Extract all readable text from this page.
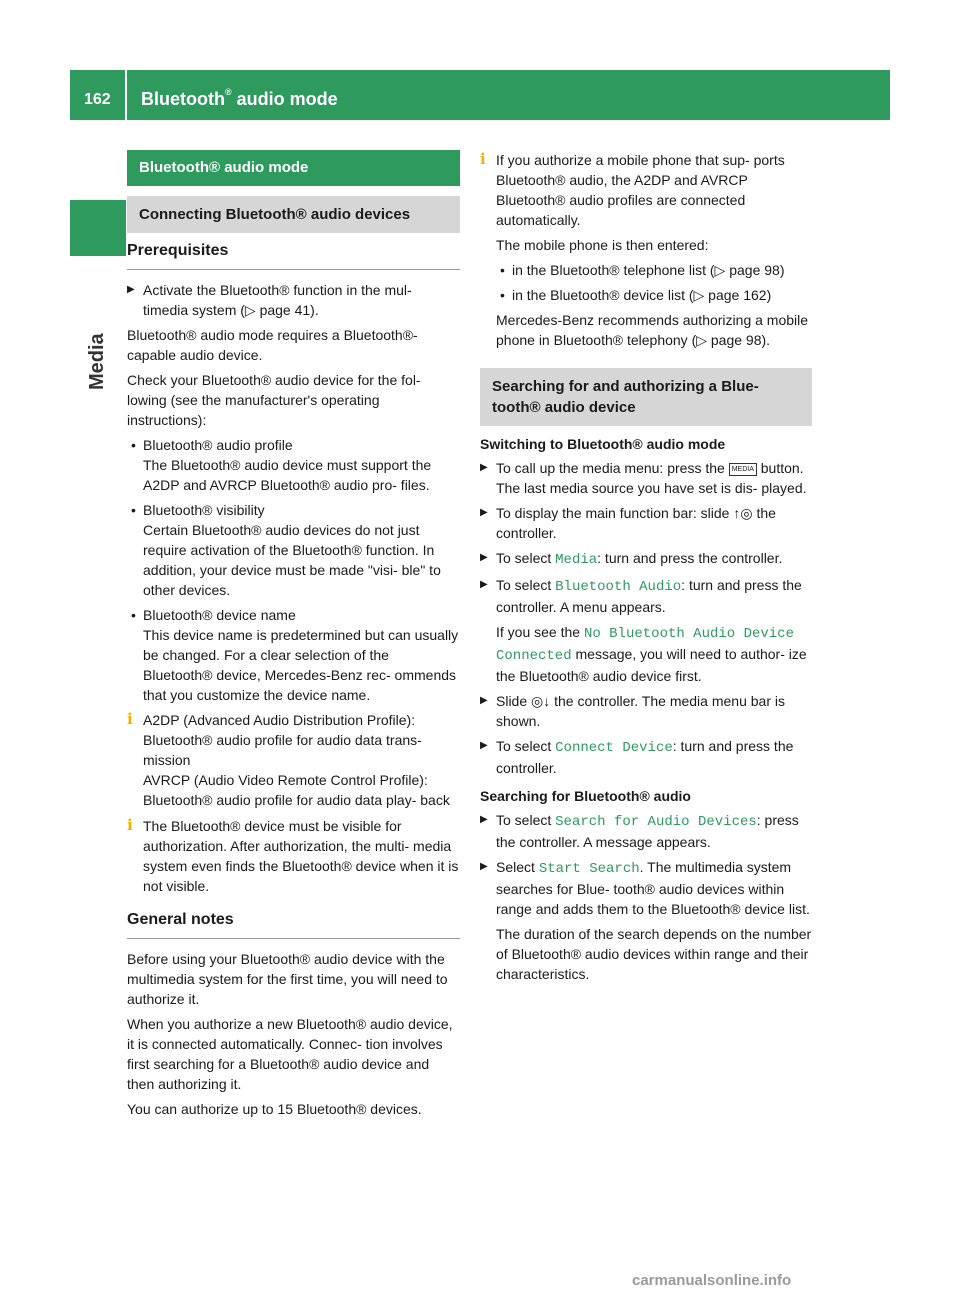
162 Bluetooth® audio mode
Media
Bluetooth® audio mode
Connecting Bluetooth® audio devices
Prerequisites
▶ Activate the Bluetooth® function in the mul- timedia system (▷ page 41).

Bluetooth® audio mode requires a Bluetooth®- capable audio device.

Check your Bluetooth® audio device for the fol- lowing (see the manufacturer's operating instructions):

• Bluetooth® audio profile
The Bluetooth® audio device must support the A2DP and AVRCP Bluetooth® audio pro- files.
• Bluetooth® visibility
Certain Bluetooth® audio devices do not just require activation of the Bluetooth® function. In addition, your device must be made "visi- ble" to other devices.
• Bluetooth® device name
This device name is predetermined but can usually be changed. For a clear selection of the Bluetooth® device, Mercedes-Benz rec- ommends that you customize the device name.
i A2DP (Advanced Audio Distribution Profile): Bluetooth® audio profile for audio data trans- mission
AVRCP (Audio Video Remote Control Profile): Bluetooth® audio profile for audio data play- back
i The Bluetooth® device must be visible for authorization. After authorization, the multi- media system even finds the Bluetooth® device when it is not visible.
General notes

Before using your Bluetooth® audio device with the multimedia system for the first time, you will need to authorize it.

When you authorize a new Bluetooth® audio device, it is connected automatically. Connec- tion involves first searching for a Bluetooth® audio device and then authorizing it.

You can authorize up to 15 Bluetooth® devices.

i If you authorize a mobile phone that sup- ports Bluetooth® audio, the A2DP and AVRCP Bluetooth® audio profiles are connected automatically.

The mobile phone is then entered:

• in the Bluetooth® telephone list (▷ page 98)
• in the Bluetooth® device list (▷ page 162)

Mercedes-Benz recommends authorizing a mobile phone in Bluetooth® telephony (▷ page 98).

Searching for and authorizing a Blue- tooth® audio device
Switching to Bluetooth® audio mode
▶ To call up the media menu: press the MEDIA button. The last media source you have set is dis- played.
▶ To display the main function bar: slide ↑◎ the controller.
▶ To select Media: turn and press the controller.
▶ To select Bluetooth Audio: turn and press the controller. A menu appears.

If you see the No Bluetooth Audio Device Connected message, you will need to author- ize the Bluetooth® audio device first.

▶ Slide ◎↓ the controller. The media menu bar is shown.
▶ To select Connect Device: turn and press the controller.
Searching for Bluetooth® audio
▶ To select Search for Audio Devices: press the controller. A message appears.
▶ Select Start Search. The multimedia system searches for Blue- tooth® audio devices within range and adds them to the Bluetooth® device list.

The duration of the search depends on the number of Bluetooth® audio devices within range and their characteristics.

carmanualsonline.info
